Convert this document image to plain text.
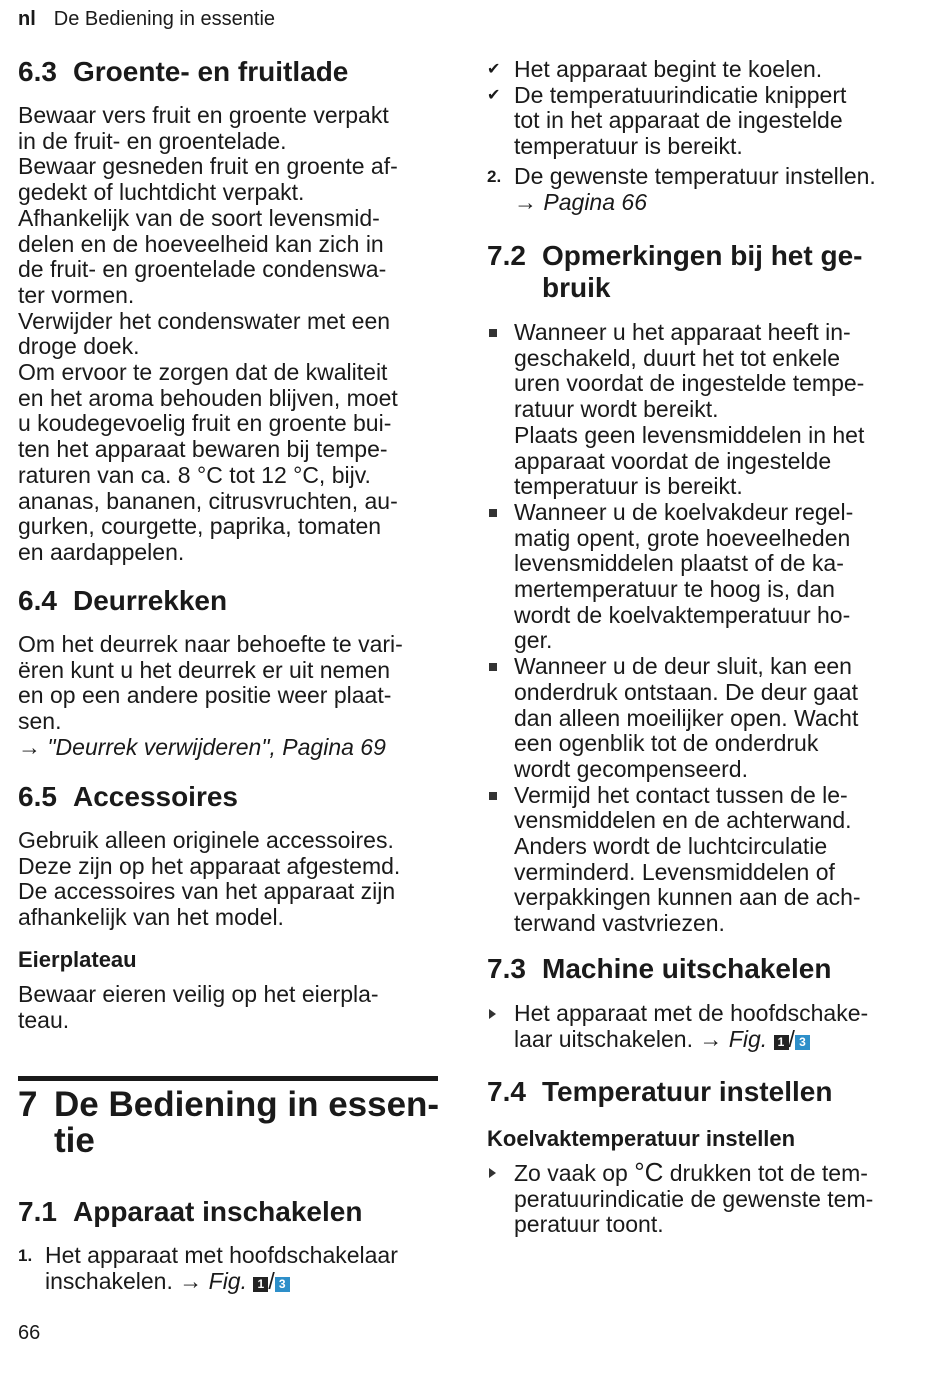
nl De Bediening in essentie
6.3 Groente- en fruitlade

Bewaar vers fruit en groente verpakt

in de fruit- en groentelade.

Bewaar gesneden fruit en groente af-

gedekt of luchtdicht verpakt.

Afhankelijk van de soort levensmid-

delen en de hoeveelheid kan zich in

de fruit- en groentelade condenswa-

ter vormen.

Verwijder het condenswater met een

droge doek.

Om ervoor te zorgen dat de kwaliteit

en het aroma behouden blijven, moet

u koudegevoelig fruit en groente bui-

ten het apparaat bewaren bij tempe-

raturen van ca. 8 °C tot 12 °C, bijv.

ananas, bananen, citrusvruchten, au-

gurken, courgette, paprika, tomaten

en aardappelen.

6.4 Deurrekken

Om het deurrek naar behoefte te vari-

ëren kunt u het deurrek er uit nemen

en op een andere positie weer plaat-

sen.

→ "Deurrek verwijderen", Pagina 69

6.5 Accessoires

Gebruik alleen originele accessoires.

Deze zijn op het apparaat afgestemd.

De accessoires van het apparaat zijn

afhankelijk van het model.

Eierplateau

Bewaar eieren veilig op het eierpla-

teau.

7 De Bediening in essen-
tie
7.1 Apparaat inschakelen
1. Het apparaat met hoofdschakelaar

inschakelen. → Fig. 1 / 3

✔ Het apparaat begint te koelen.

✔ De temperatuurindicatie knippert

tot in het apparaat de ingestelde

temperatuur is bereikt.

2. De gewenste temperatuur instellen.

→ Pagina 66

7.2 Opmerkingen bij het ge-
bruik

Wanneer u het apparaat heeft in-

geschakeld, duurt het tot enkele

uren voordat de ingestelde tempe-

ratuur wordt bereikt.

Plaats geen levensmiddelen in het

apparaat voordat de ingestelde

temperatuur is bereikt.

Wanneer u de koelvakdeur regel-

matig opent, grote hoeveelheden

levensmiddelen plaatst of de ka-

mertemperatuur te hoog is, dan

wordt de koelvaktemperatuur ho-

ger.

Wanneer u de deur sluit, kan een

onderdruk ontstaan. De deur gaat

dan alleen moeilijker open. Wacht

een ogenblik tot de onderdruk

wordt gecompenseerd.

Vermijd het contact tussen de le-

vensmiddelen en de achterwand.

Anders wordt de luchtcirculatie

verminderd. Levensmiddelen of

verpakkingen kunnen aan de ach-

terwand vastvriezen.

7.3 Machine uitschakelen

Het apparaat met de hoofdschake-

laar uitschakelen. → Fig. 1 / 3

7.4 Temperatuur instellen
Koelvaktemperatuur instellen

Zo vaak op °C drukken tot de tem-

peratuurindicatie de gewenste tem-

peratuur toont.

66
